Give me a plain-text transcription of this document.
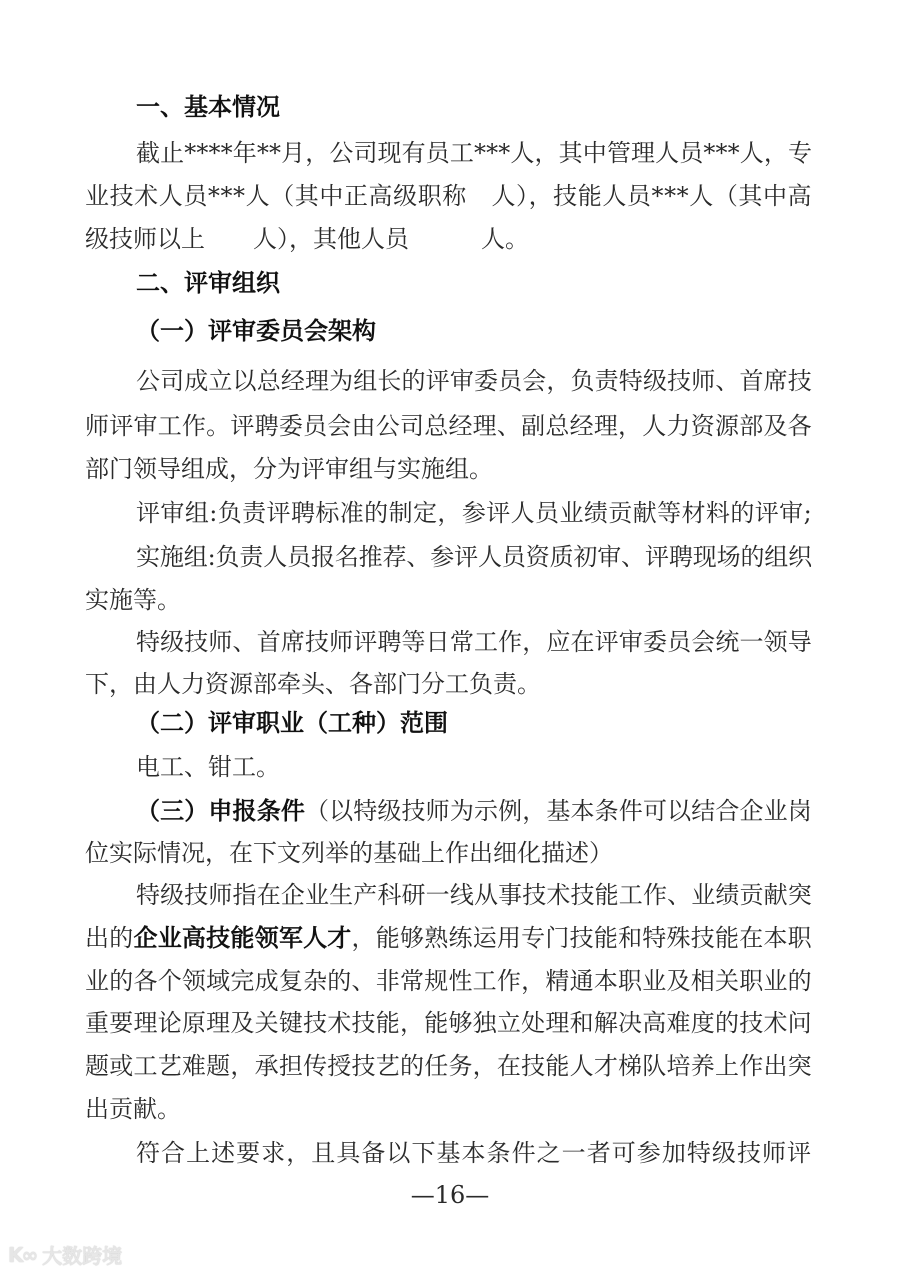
一、基本情况
截止****年**月，公司现有员工***人，其中管理人员***人，专
业技术人员***人（其中正高级职称　人），技能人员***人（其中高
级技师以上　　人），其他人员　　　人。
二、评审组织
（一）评审委员会架构
公司成立以总经理为组长的评审委员会，负责特级技师、首席技
师评审工作。评聘委员会由公司总经理、副总经理，人力资源部及各
部门领导组成，分为评审组与实施组。
评审组:负责评聘标准的制定，参评人员业绩贡献等材料的评审;
实施组:负责人员报名推荐、参评人员资质初审、评聘现场的组织
实施等。
特级技师、首席技师评聘等日常工作，应在评审委员会统一领导
下，由人力资源部牵头、各部门分工负责。
（二）评审职业（工种）范围
电工、钳工。
（三）申报条件（以特级技师为示例，基本条件可以结合企业岗
位实际情况，在下文列举的基础上作出细化描述）
特级技师指在企业生产科研一线从事技术技能工作、业绩贡献突
出的企业高技能领军人才，能够熟练运用专门技能和特殊技能在本职
业的各个领域完成复杂的、非常规性工作，精通本职业及相关职业的
重要理论原理及关键技术技能，能够独立处理和解决高难度的技术问
题或工艺难题，承担传授技艺的任务，在技能人才梯队培养上作出突
出贡献。
符合上述要求，且具备以下基本条件之一者可参加特级技师评
—16—
K∞ 大数跨境
